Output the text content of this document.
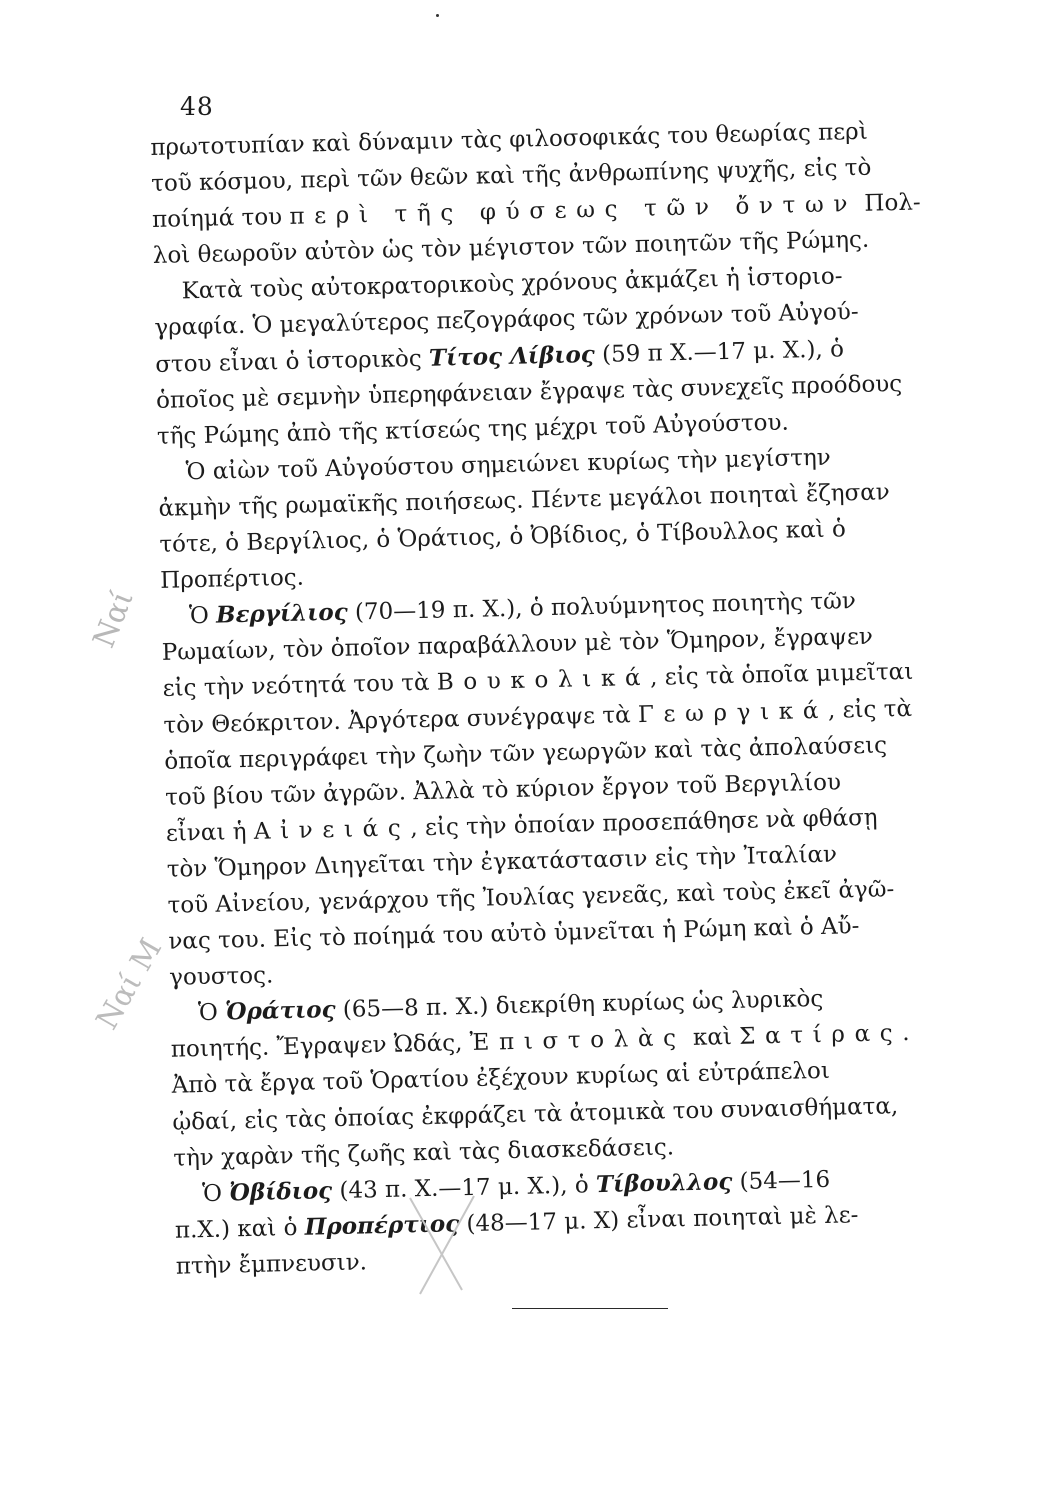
48
πρωτοτυπίαν καὶ δύναμιν τὰς φιλοσοφικάς του θεωρίας περὶ
τοῦ κόσμου, περὶ τῶν θεῶν καὶ τῆς ἀνθρωπίνης ψυχῆς, εἰς τὸ
ποίημά του περὶ τῆς φύσεως τῶν ὄντων Πολ-
λοὶ θεωροῦν αὐτὸν ὡς τὸν μέγιστον τῶν ποιητῶν τῆς Ρώμης.
Κατὰ τοὺς αὐτοκρατορικοὺς χρόνους ἀκμάζει ἡ ἱστοριο-
γραφία. Ὁ μεγαλύτερος πεζογράφος τῶν χρόνων τοῦ Αὐγού-
στου εἶναι ὁ ἱστορικὸς Τίτος Λίβιος (59 π Χ.—17 μ. Χ.), ὁ
ὁποῖος μὲ σεμνὴν ὑπερηφάνειαν ἔγραψε τὰς συνεχεῖς προόδους
τῆς Ρώμης ἀπὸ τῆς κτίσεώς της μέχρι τοῦ Αὐγούστου.
Ὁ αἰὼν τοῦ Αὐγούστου σημειώνει κυρίως τὴν μεγίστην
ἀκμὴν τῆς ρωμαϊκῆς ποιήσεως. Πέντε μεγάλοι ποιηταὶ ἔζησαν
τότε, ὁ Βεργίλιος, ὁ Ὁράτιος, ὁ Ὀβίδιος, ὁ Τίβουλλος καὶ ὁ
Προπέρτιος.
Ὁ Βεργίλιος (70—19 π. Χ.), ὁ πολυύμνητος ποιητὴς τῶν
Ρωμαίων, τὸν ὁποῖον παραβάλλουν μὲ τὸν Ὅμηρον, ἔγραψεν
εἰς τὴν νεότητά του τὰ Βουκολικά, εἰς τὰ ὁποῖα μιμεῖται
τὸν Θεόκριτον. Ἀργότερα συνέγραψε τὰ Γεωργικά, εἰς τὰ
ὁποῖα περιγράφει τὴν ζωὴν τῶν γεωργῶν καὶ τὰς ἀπολαύσεις
τοῦ βίου τῶν ἀγρῶν. Ἀλλὰ τὸ κύριον ἔργον τοῦ Βεργιλίου
εἶναι ἡ Αἰνειάς, εἰς τὴν ὁποίαν προσεπάθησε νὰ φθάσῃ
τὸν Ὅμηρον Διηγεῖται τὴν ἐγκατάστασιν εἰς τὴν Ἰταλίαν
τοῦ Αἰνείου, γενάρχου τῆς Ἰουλίας γενεᾶς, καὶ τοὺς ἐκεῖ ἀγῶ-
νας του. Εἰς τὸ ποίημά του αὐτὸ ὑμνεῖται ἡ Ρώμη καὶ ὁ Αὔ-
γουστος.
Ὁ Ὁράτιος (65—8 π. Χ.) διεκρίθη κυρίως ὡς λυρικὸς
ποιητής. Ἔγραψεν Ὠδάς, Ἐπιστολὰς καὶ Σατίρας.
Ἀπὸ τὰ ἔργα τοῦ Ὁρατίου ἐξέχουν κυρίως αἱ εὐτράπελοι
ᾠδαί, εἰς τὰς ὁποίας ἐκφράζει τὰ ἀτομικὰ του συναισθήματα,
τὴν χαρὰν τῆς ζωῆς καὶ τὰς διασκεδάσεις.
Ὁ Ὀβίδιος (43 π. Χ.—17 μ. Χ.), ὁ Τίβουλλος (54—16
π.Χ.) καὶ ὁ Προπέρτιος (48—17 μ. Χ) εἶναι ποιηταὶ μὲ λε-
πτὴν ἔμπνευσιν.
Ναί
Ναί Μ
